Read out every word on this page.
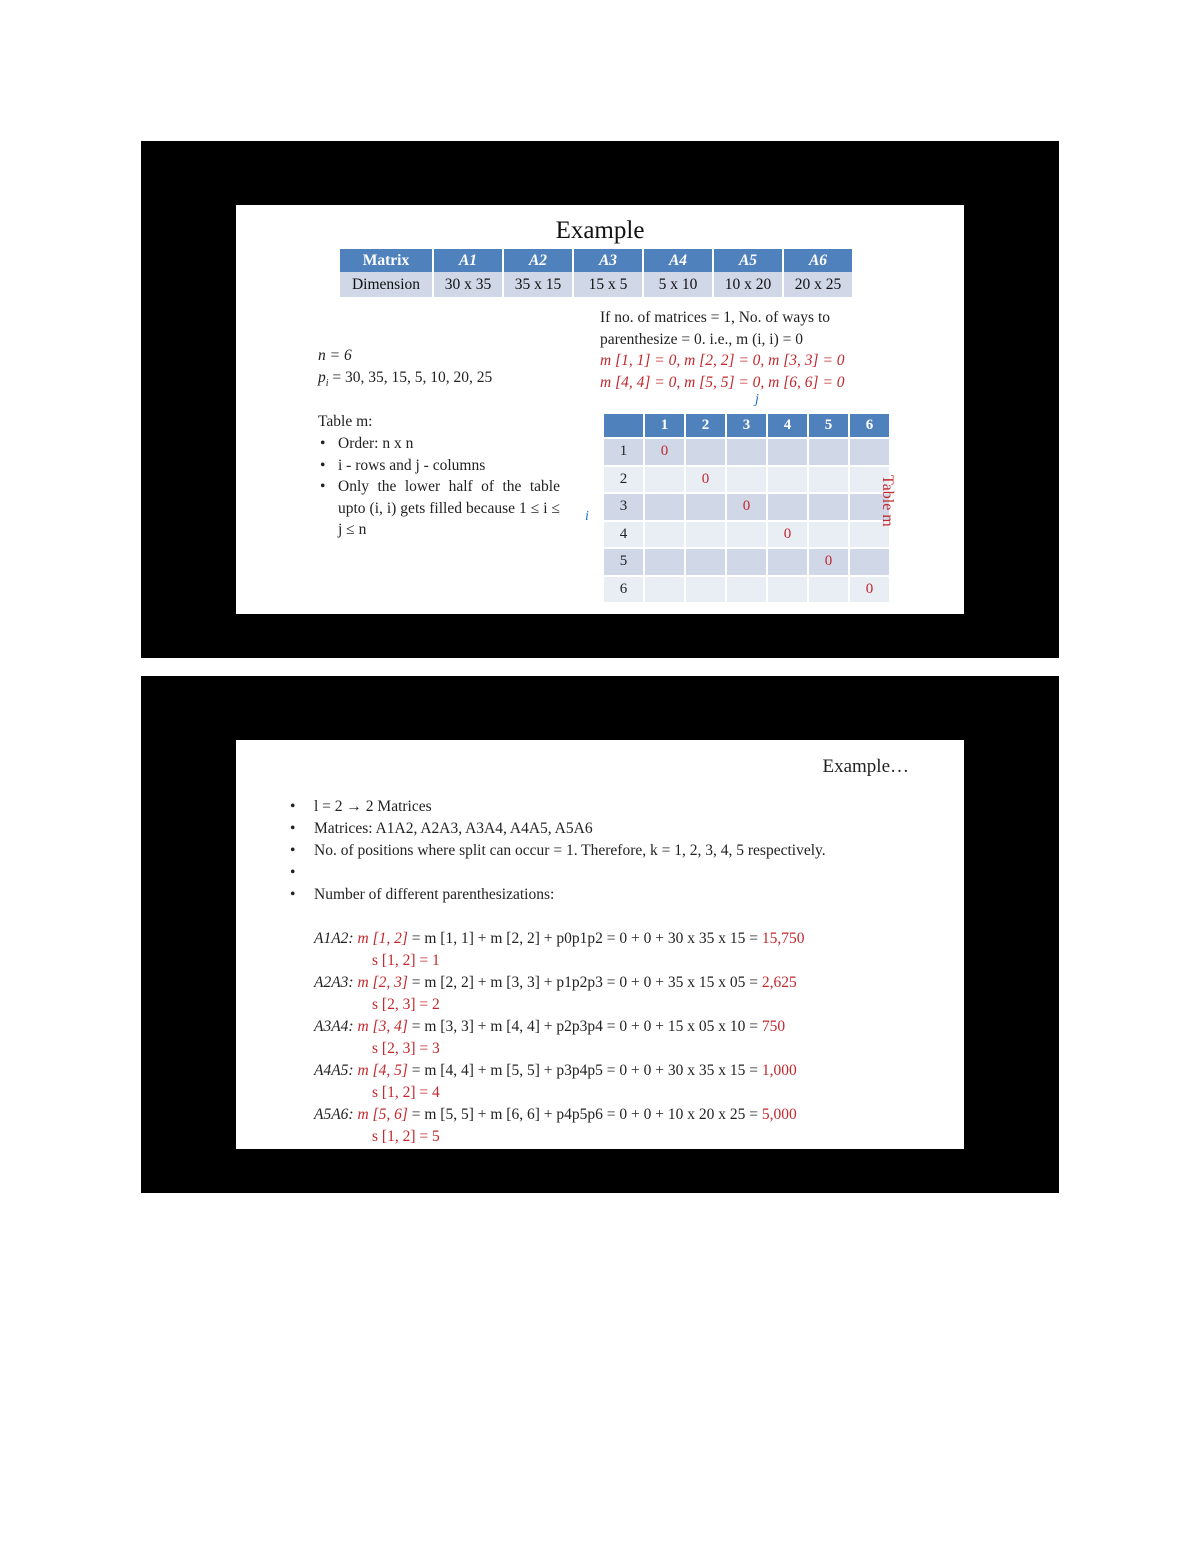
Example
Matrix	A1	A2	A3	A4	A5	A6
Dimension	30 x 35	35 x 15	15 x 5	5 x 10	10 x 20	20 x 25
If no. of matrices = 1, No. of ways to
parenthesize = 0. i.e., m (i, i) = 0
m [1, 1] = 0, m [2, 2] = 0, m [3, 3] = 0
m [4, 4] = 0, m [5, 5] = 0, m [6, 6] = 0
n = 6
$p_i = 30$, 35, 15, 5, 10, 20, 25
Table m:
• Order: n x n
• i - rows and j - columns
• Only the lower half of the table upto (i, i) gets filled because 1 ≤ i ≤ j ≤ n
j
i
	1	2	3	4	5	6
1	0					
2		0				
3			0			
4				0		
5					0	
6						0
Table m
Example…
• l = 2 → 2 Matrices
• Matrices: A1A2, A2A3, A3A4, A4A5, A5A6
• No. of positions where split can occur = 1. Therefore, k = 1, 2, 3, 4, 5 respectively.
•
• Number of different parenthesizations:
A1A2: m [1, 2] = m [1, 1] + m [2, 2] + p0p1p2 = 0 + 0 + 30 x 35 x 15 = 15,750
s [1, 2] = 1
A2A3: m [2, 3] = m [2, 2] + m [3, 3] + p1p2p3 = 0 + 0 + 35 x 15 x 05 = 2,625
s [2, 3] = 2
A3A4: m [3, 4] = m [3, 3] + m [4, 4] + p2p3p4 = 0 + 0 + 15 x 05 x 10 = 750
s [2, 3] = 3
A4A5: m [4, 5] = m [4, 4] + m [5, 5] + p3p4p5 = 0 + 0 + 30 x 35 x 15 = 1,000
s [1, 2] = 4
A5A6: m [5, 6] = m [5, 5] + m [6, 6] + p4p5p6 = 0 + 0 + 10 x 20 x 25 = 5,000
s [1, 2] = 5
